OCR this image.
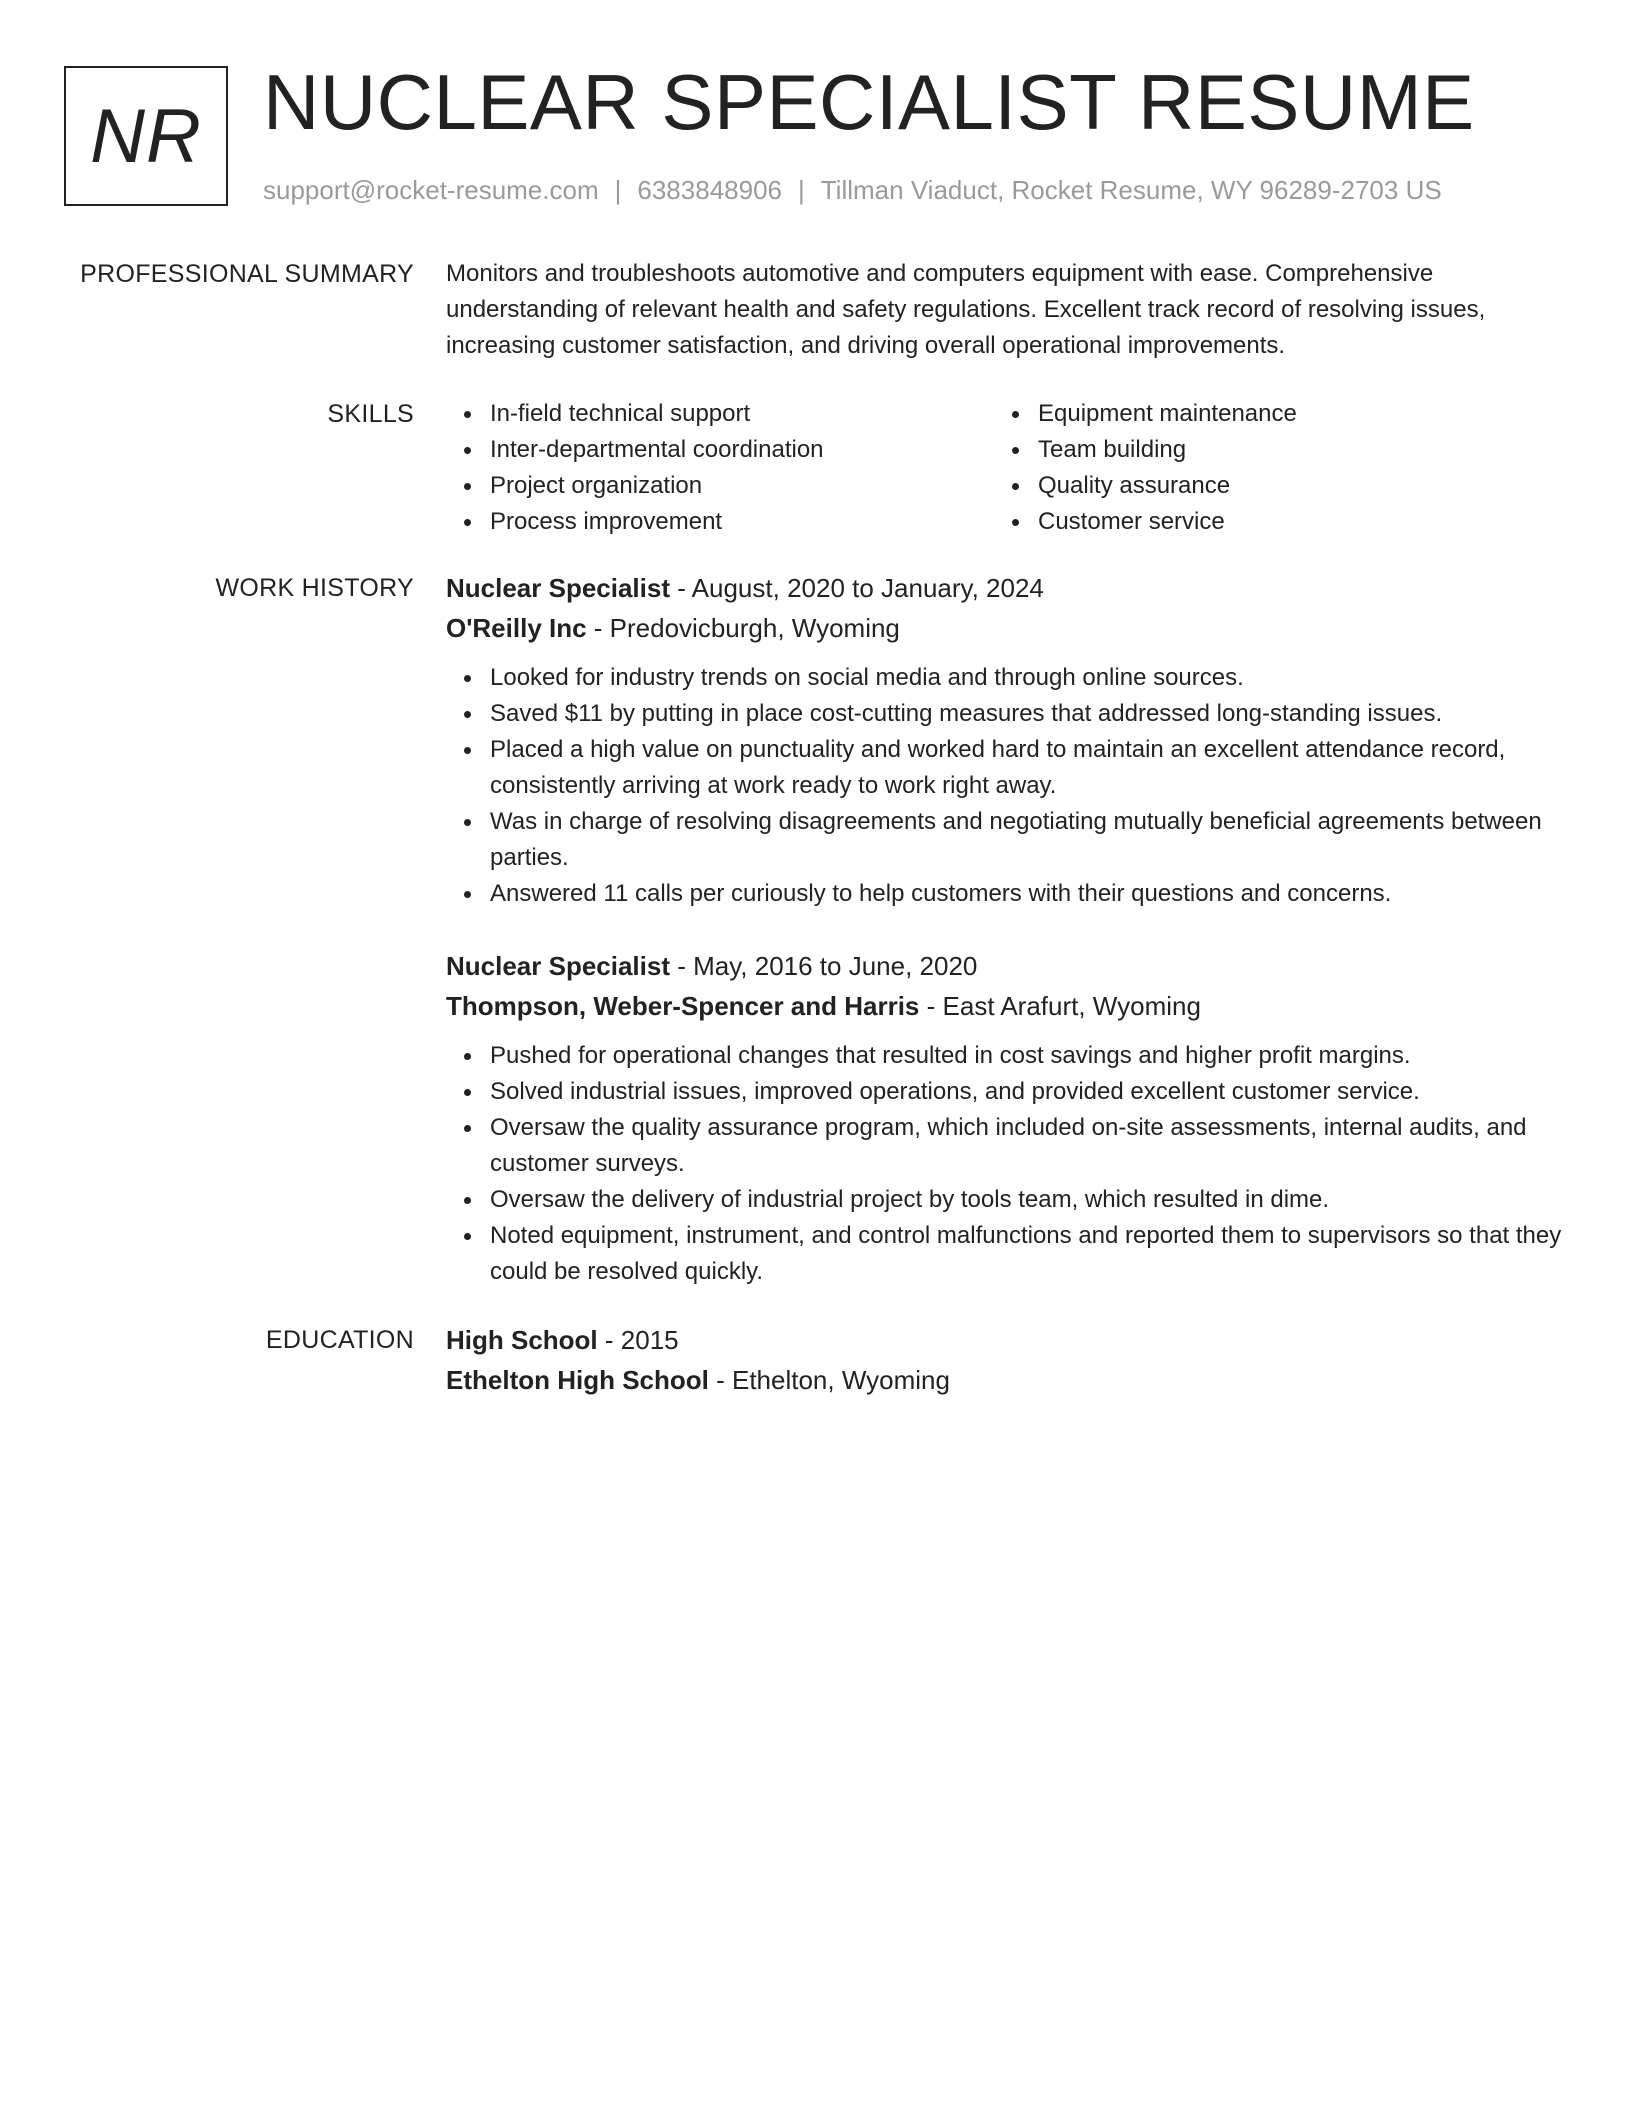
NR NUCLEAR SPECIALIST RESUME
support@rocket-resume.com | 6383848906 | Tillman Viaduct, Rocket Resume, WY 96289-2703 US
PROFESSIONAL SUMMARY Monitors and troubleshoots automotive and computers equipment with ease. Comprehensive understanding of relevant health and safety regulations. Excellent track record of resolving issues, increasing customer satisfaction, and driving overall operational improvements.

SKILLS	In-field technical support
Inter-departmental coordination
Project organization
Process improvement
Equipment maintenance
Team building
Quality assurance
Customer service
WORK HISTORY Nuclear Specialist - August, 2020 to January, 2024

O'Reilly Inc - Predovicburgh, Wyoming

Looked for industry trends on social media and through online sources.
Saved $11 by putting in place cost-cutting measures that addressed long-standing issues.
Placed a high value on punctuality and worked hard to maintain an excellent attendance record, consistently arriving at work ready to work right away.
Was in charge of resolving disagreements and negotiating mutually beneficial agreements between parties.
Answered 11 calls per curiously to help customers with their questions and concerns.

Nuclear Specialist - May, 2016 to June, 2020

Thompson, Weber-Spencer and Harris - East Arafurt, Wyoming

Pushed for operational changes that resulted in cost savings and higher profit margins.
Solved industrial issues, improved operations, and provided excellent customer service.
Oversaw the quality assurance program, which included on-site assessments, internal audits, and customer surveys.
Oversaw the delivery of industrial project by tools team, which resulted in dime.
Noted equipment, instrument, and control malfunctions and reported them to supervisors so that they could be resolved quickly.
EDUCATION High School - 2015

Ethelton High School - Ethelton, Wyoming
